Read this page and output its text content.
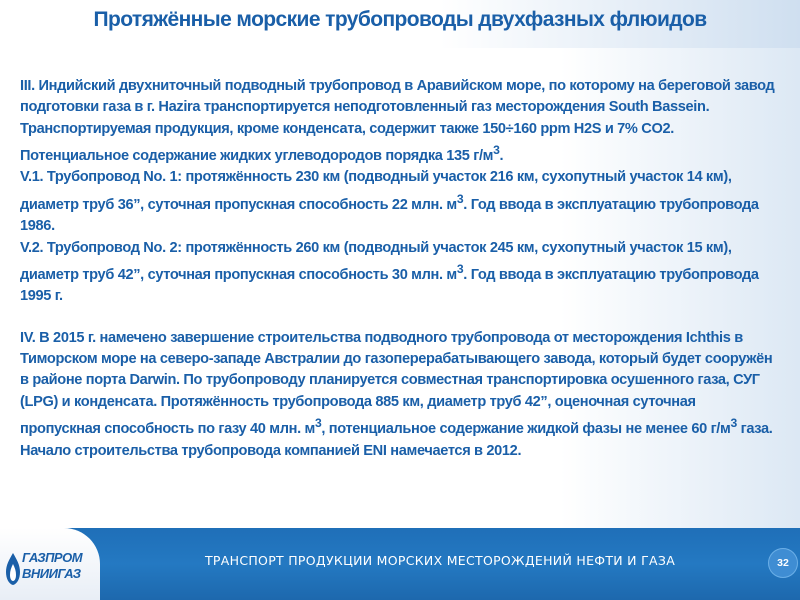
Протяжённые морские трубопроводы двухфазных флюидов

III. Индийский двухниточный подводный трубопровод в Аравийском море, по которому на береговой завод подготовки газа в г. Hazira транспортируется неподготовленный газ месторождения South Bassein. Транспортируемая продукция, кроме конденсата, содержит также 150÷160 ppm H2S и 7% CO2. Потенциальное содержание жидких углеводородов порядка 135 $г/м^3$.

V.1. Трубопровод No. 1: протяжённость 230 км (подводный участок 216 км, сухопутный участок 14 км), диаметр труб 36”, суточная пропускная способность 22 млн. $м^3$. Год ввода в эксплуатацию трубопровода 1986.

V.2. Трубопровод No. 2: протяжённость 260 км (подводный участок 245 км, сухопутный участок 15 км), диаметр труб 42”, суточная пропускная способность 30 млн. $м^3$. Год ввода в эксплуатацию трубопровода 1995 г.

IV. В 2015 г. намечено завершение строительства подводного трубопровода от месторождения Ichthis в Тиморском море на северо-западе Австралии до газоперерабатывающего завода, который будет сооружён в районе порта Darwin. По трубопроводу планируется совместная транспортировка осушенного газа, СУГ (LPG) и конденсата. Протяжённость трубопровода 885 км, диаметр труб 42”, оценочная суточная пропускная способность по газу 40 млн. $м^3$, потенциальное содержание жидкой фазы не менее 60 $г/м^3$ газа. Начало строительства трубопровода компанией ENI намечается в 2012.

ГАЗПРОМ
ВНИИГАЗ
ТРАНСПОРТ ПРОДУКЦИИ МОРСКИХ МЕСТОРОЖДЕНИЙ НЕФТИ И ГАЗА	32
